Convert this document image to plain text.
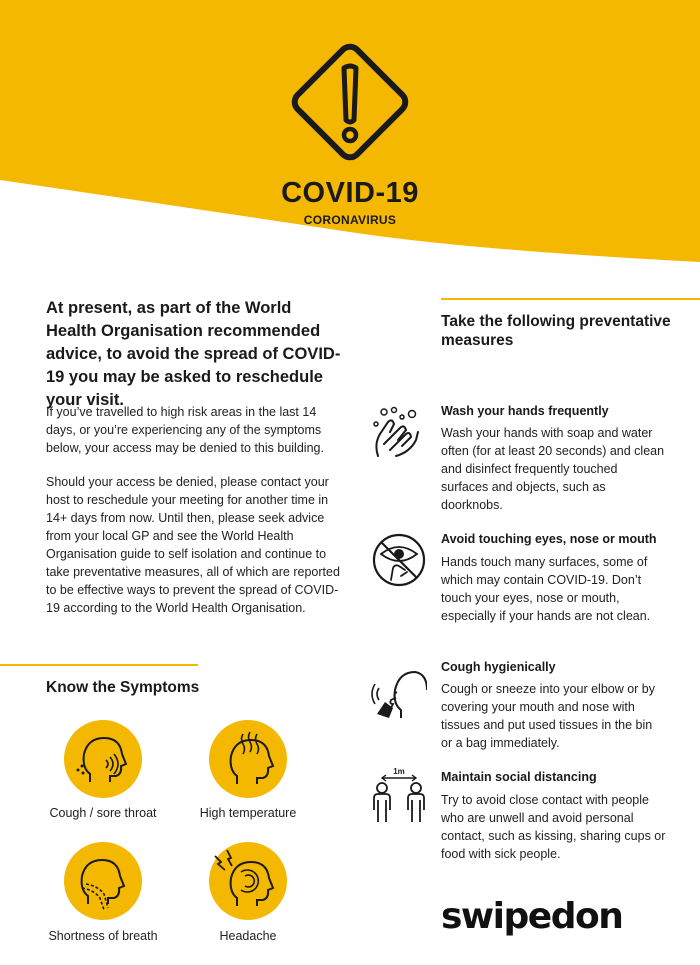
COVID-19
CORONAVIRUS
At present, as part of the World Health Organisation recommended advice, to avoid the spread of COVID-19 you may be asked to reschedule your visit.
If you’ve travelled to high risk areas in the last 14 days, or you’re experiencing any of the symptoms below, your access may be denied to this building.
Should your access be denied, please contact your host to reschedule your meeting for another time in 14+ days from now. Until then, please seek advice from your local GP and see the World Health Organisation guide to self isolation and continue to take preventative measures, all of which are reported to be effective ways to prevent the spread of COVID-19 according to the World Health Organisation.
Know the Symptoms
Cough / sore throat	High temperature
Shortness of breath	Headache
Take the following preventative measures
Wash your hands frequently
Wash your hands with soap and water often (for at least 20 seconds) and clean and disinfect frequently touched surfaces and objects, such as doorknobs.
Avoid touching eyes, nose or mouth
Hands touch many surfaces, some of which may contain COVID-19. Don’t touch your eyes, nose or mouth, especially if your hands are not clean.
Cough hygienically
Cough or sneeze into your elbow or by covering your mouth and nose with tissues and put used tissues in the bin or a bag immediately.
1m	Maintain social distancing
Try to avoid close contact with people who are unwell and avoid personal contact, such as kissing, sharing cups or food with sick people.
swipedon
